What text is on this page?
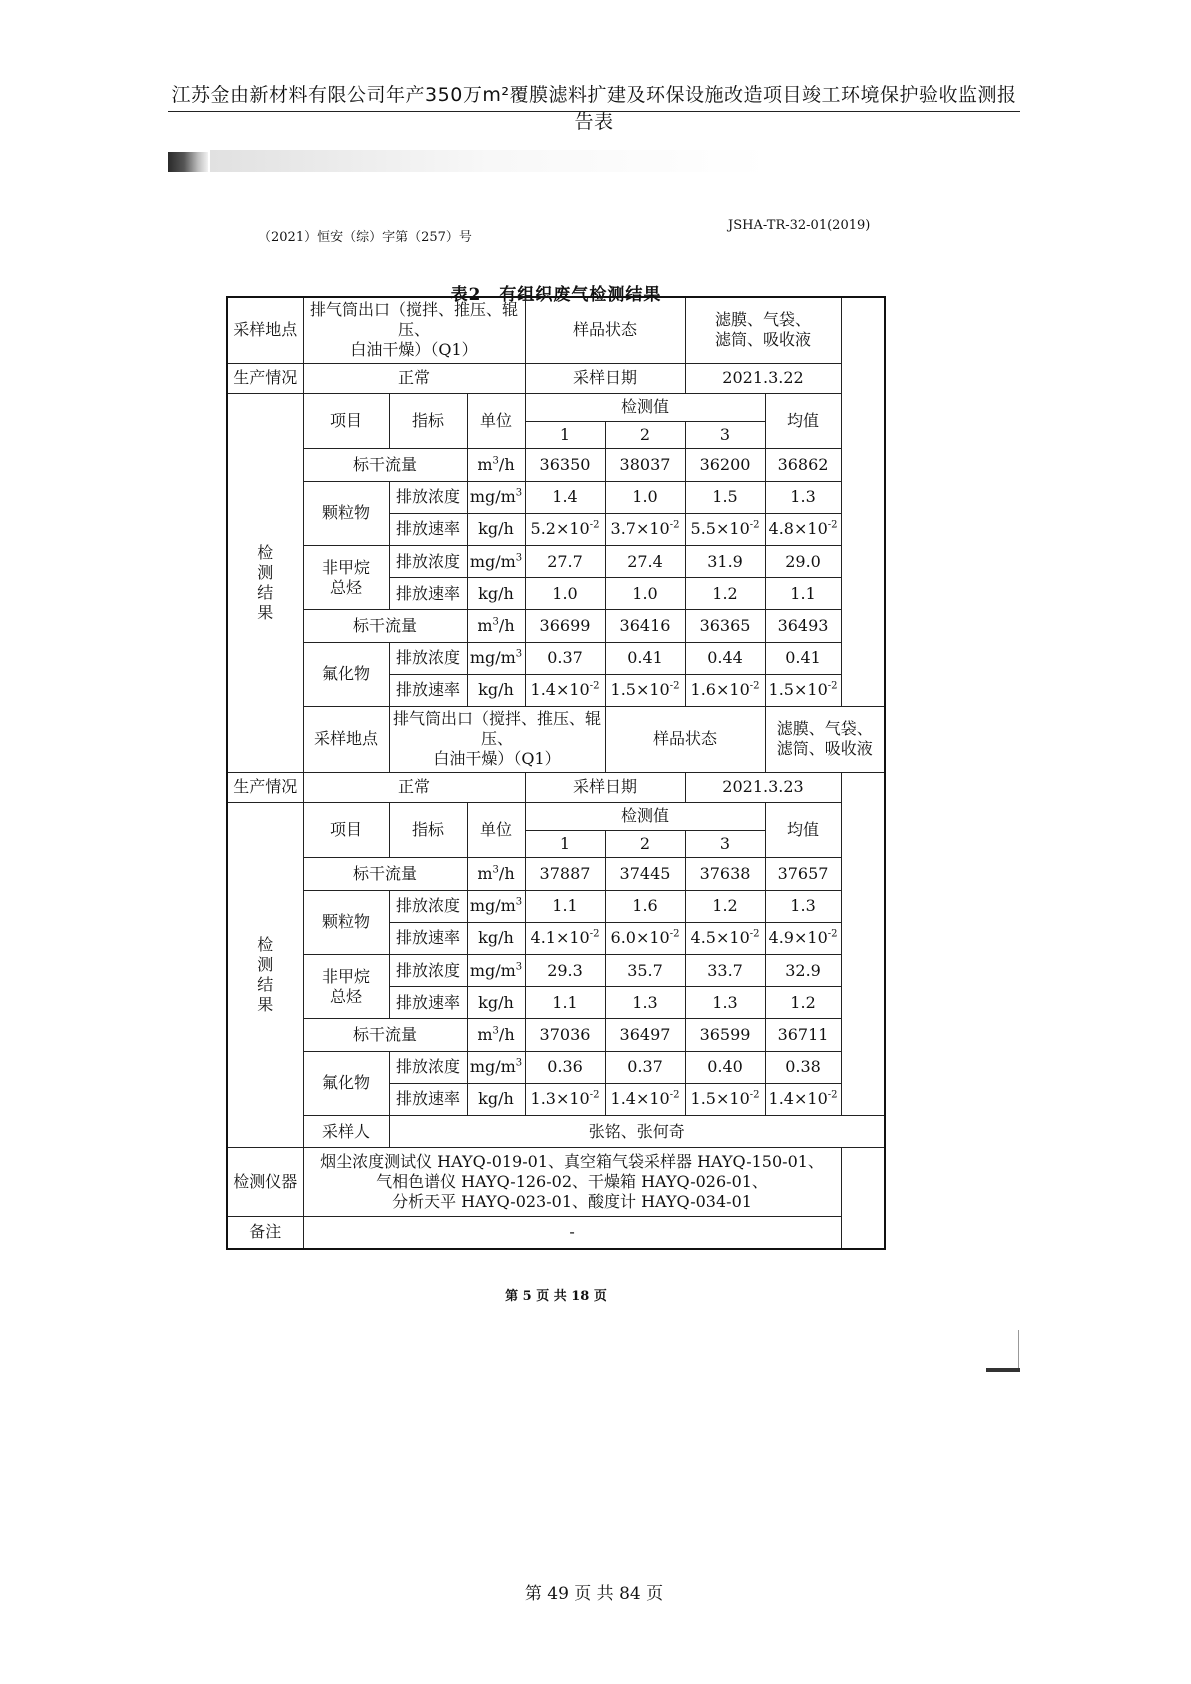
江苏金由新材料有限公司年产350万m²覆膜滤料扩建及环保设施改造项目竣工环境保护验收监测报告表
（2021）恒安（综）字第（257）号
JSHA-TR-32-01(2019)
表2　有组织废气检测结果
采样地点	排气筒出口（搅拌、推压、辊压、
白油干燥）（Q1）			样品状态		滤膜、气袋、
滤筒、吸收液	
生产情况	正常			采样日期		2021.3.22	
检
测
结
果	项目	指标	单位	检测值			均值
				1	2	3	
	标干流量		$m^3/h$	36350	38037	36200	36862
	颗粒物	排放浓度	$mg/m^3$	1.4	1.0	1.5	1.3
		排放速率	kg/h	$5.2\times 10^{-2}$	$3.7\times 10^{-2}$	$5.5\times 10^{-2}$	$4.8\times 10^{-2}$
	非甲烷
总烃	排放浓度	$mg/m^3$	27.7	27.4	31.9	29.0
		排放速率	kg/h	1.0	1.0	1.2	1.1
	标干流量		$m^3/h$	36699	36416	36365	36493
	氟化物	排放浓度	$mg/m^3$	0.37	0.41	0.44	0.41
		排放速率	kg/h	$1.4\times 10^{-2}$	$1.5\times 10^{-2}$	$1.6\times 10^{-2}$	$1.5\times 10^{-2}$
	采样地点	排气筒出口（搅拌、推压、辊压、
白油干燥）（Q1）			样品状态		滤膜、气袋、
滤筒、吸收液
生产情况	正常			采样日期		2021.3.23	
检
测
结
果	项目	指标	单位	检测值			均值
				1	2	3	
	标干流量		$m^3/h$	37887	37445	37638	37657
	颗粒物	排放浓度	$mg/m^3$	1.1	1.6	1.2	1.3
		排放速率	kg/h	$4.1\times 10^{-2}$	$6.0\times 10^{-2}$	$4.5\times 10^{-2}$	$4.9\times 10^{-2}$
	非甲烷
总烃	排放浓度	$mg/m^3$	29.3	35.7	33.7	32.9
		排放速率	kg/h	1.1	1.3	1.3	1.2
	标干流量		$m^3/h$	37036	36497	36599	36711
	氟化物	排放浓度	$mg/m^3$	0.36	0.37	0.40	0.38
		排放速率	kg/h	$1.3\times 10^{-2}$	$1.4\times 10^{-2}$	$1.5\times 10^{-2}$	$1.4\times 10^{-2}$
	采样人	张铭、张何奇					
检测仪器	烟尘浓度测试仪 HAYQ-019-01、真空箱气袋采样器 HAYQ-150-01、
气相色谱仪 HAYQ-126-02、干燥箱 HAYQ-026-01、
分析天平 HAYQ-023-01、酸度计 HAYQ-034-01						
备注	-						
第 5 页 共 18 页
第 49 页 共 84 页
